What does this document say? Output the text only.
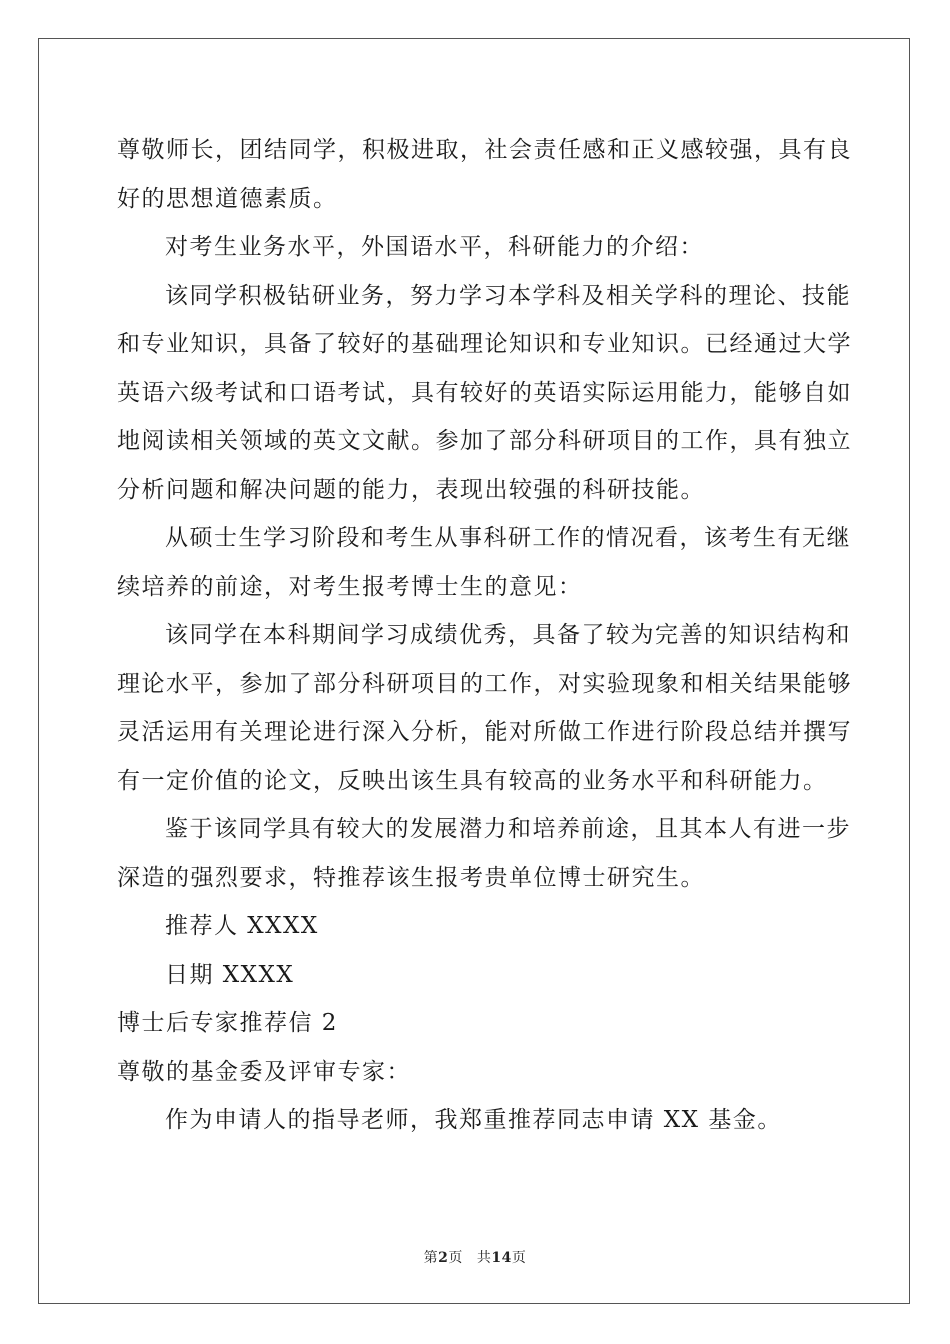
尊敬师长，团结同学，积极进取，社会责任感和正义感较强，具有良
好的思想道德素质。
对考生业务水平，外国语水平，科研能力的介绍：
该同学积极钻研业务，努力学习本学科及相关学科的理论、技能
和专业知识，具备了较好的基础理论知识和专业知识。已经通过大学
英语六级考试和口语考试，具有较好的英语实际运用能力，能够自如
地阅读相关领域的英文文献。参加了部分科研项目的工作，具有独立
分析问题和解决问题的能力，表现出较强的科研技能。
从硕士生学习阶段和考生从事科研工作的情况看，该考生有无继
续培养的前途，对考生报考博士生的意见：
该同学在本科期间学习成绩优秀，具备了较为完善的知识结构和
理论水平，参加了部分科研项目的工作，对实验现象和相关结果能够
灵活运用有关理论进行深入分析，能对所做工作进行阶段总结并撰写
有一定价值的论文，反映出该生具有较高的业务水平和科研能力。
鉴于该同学具有较大的发展潜力和培养前途，且其本人有进一步
深造的强烈要求，特推荐该生报考贵单位博士研究生。
推荐人 XXXX
日期 XXXX
博士后专家推荐信 2
尊敬的基金委及评审专家：
作为申请人的指导老师，我郑重推荐同志申请 XX 基金。
第2页 共14页
